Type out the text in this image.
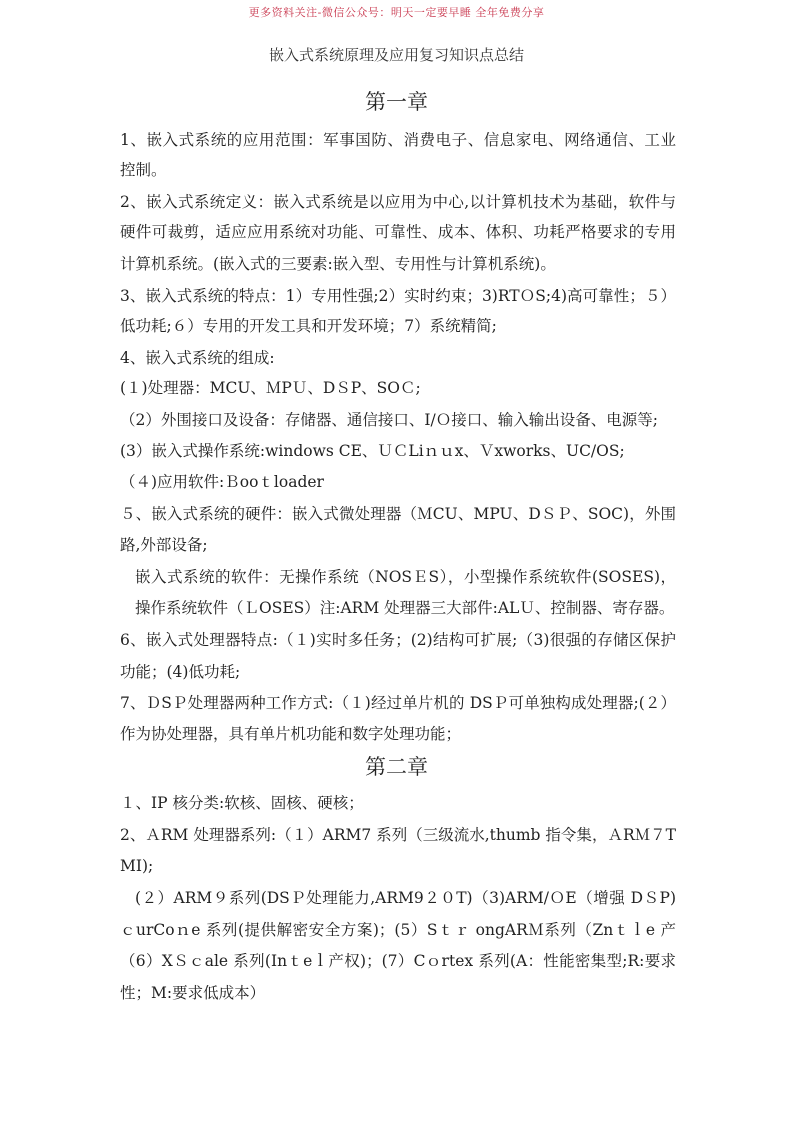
更多资料关注-微信公众号：明天一定要早睡 全年免费分享
嵌入式系统原理及应用复习知识点总结
第一章
1、嵌入式系统的应用范围：军事国防、消费电子、信息家电、网络通信、工业
控制。
2、嵌入式系统定义：嵌入式系统是以应用为中心,以计算机技术为基础，软件与
硬件可裁剪，适应应用系统对功能、可靠性、成本、体积、功耗严格要求的专用
计算机系统。(嵌入式的三要素:嵌入型、专用性与计算机系统)。
3、嵌入式系统的特点：1）专用性强;2）实时约束；3)RTＯS;4)高可靠性；５）
低功耗;６）专用的开发工具和开发环境；7）系统精简;
4、嵌入式系统的组成:
(１)处理器：MCU、ＭPＵ、DＳP、SOＣ;
（2）外围接口及设备：存储器、通信接口、I/Ｏ接口、输入输出设备、电源等;
(3）嵌入式操作系统:windows CE、ＵＣLiｎｕx、Ｖxworks、UC/OS;
（４)应用软件:Ｂooｔloader
５、嵌入式系统的硬件：嵌入式微处理器（ＭCU、MPU、DＳＰ、SOC)，外围
路,外部设备;
嵌入式系统的软件：无操作系统（NOSＥS），小型操作系统软件(SOSES)，
操作系统软件（ＬOSES）注:ARM 处理器三大部件:ALＵ、控制器、寄存器。
6、嵌入式处理器特点:（１)实时多任务；(2)结构可扩展;（3)很强的存储区保护
功能；(4)低功耗;
7、ＤSＰ处理器两种工作方式:（１)经过单片机的 DSＰ可单独构成处理器;(２）
作为协处理器，具有单片机功能和数字处理功能；
第二章
１、IP 核分类:软核、固核、硬核；
2、ＡRM 处理器系列:（１）ARM7 系列（三级流水,thumb 指令集，ＡRＭ７T
MI);
(２）ARM９系列(DSＰ处理能力,ARM9２０T)（3)ARM/ＯE（增强 DＳP)
ｃurCoｎe 系列(提供解密安全方案)；(5）Sｔｒ ongARＭ系列（Znｔｌe 产
（6）XＳｃale 系列(Inｔeｌ产权)；(7）Cｏrtex 系列(A：性能密集型;R:要求
性；M:要求低成本）
